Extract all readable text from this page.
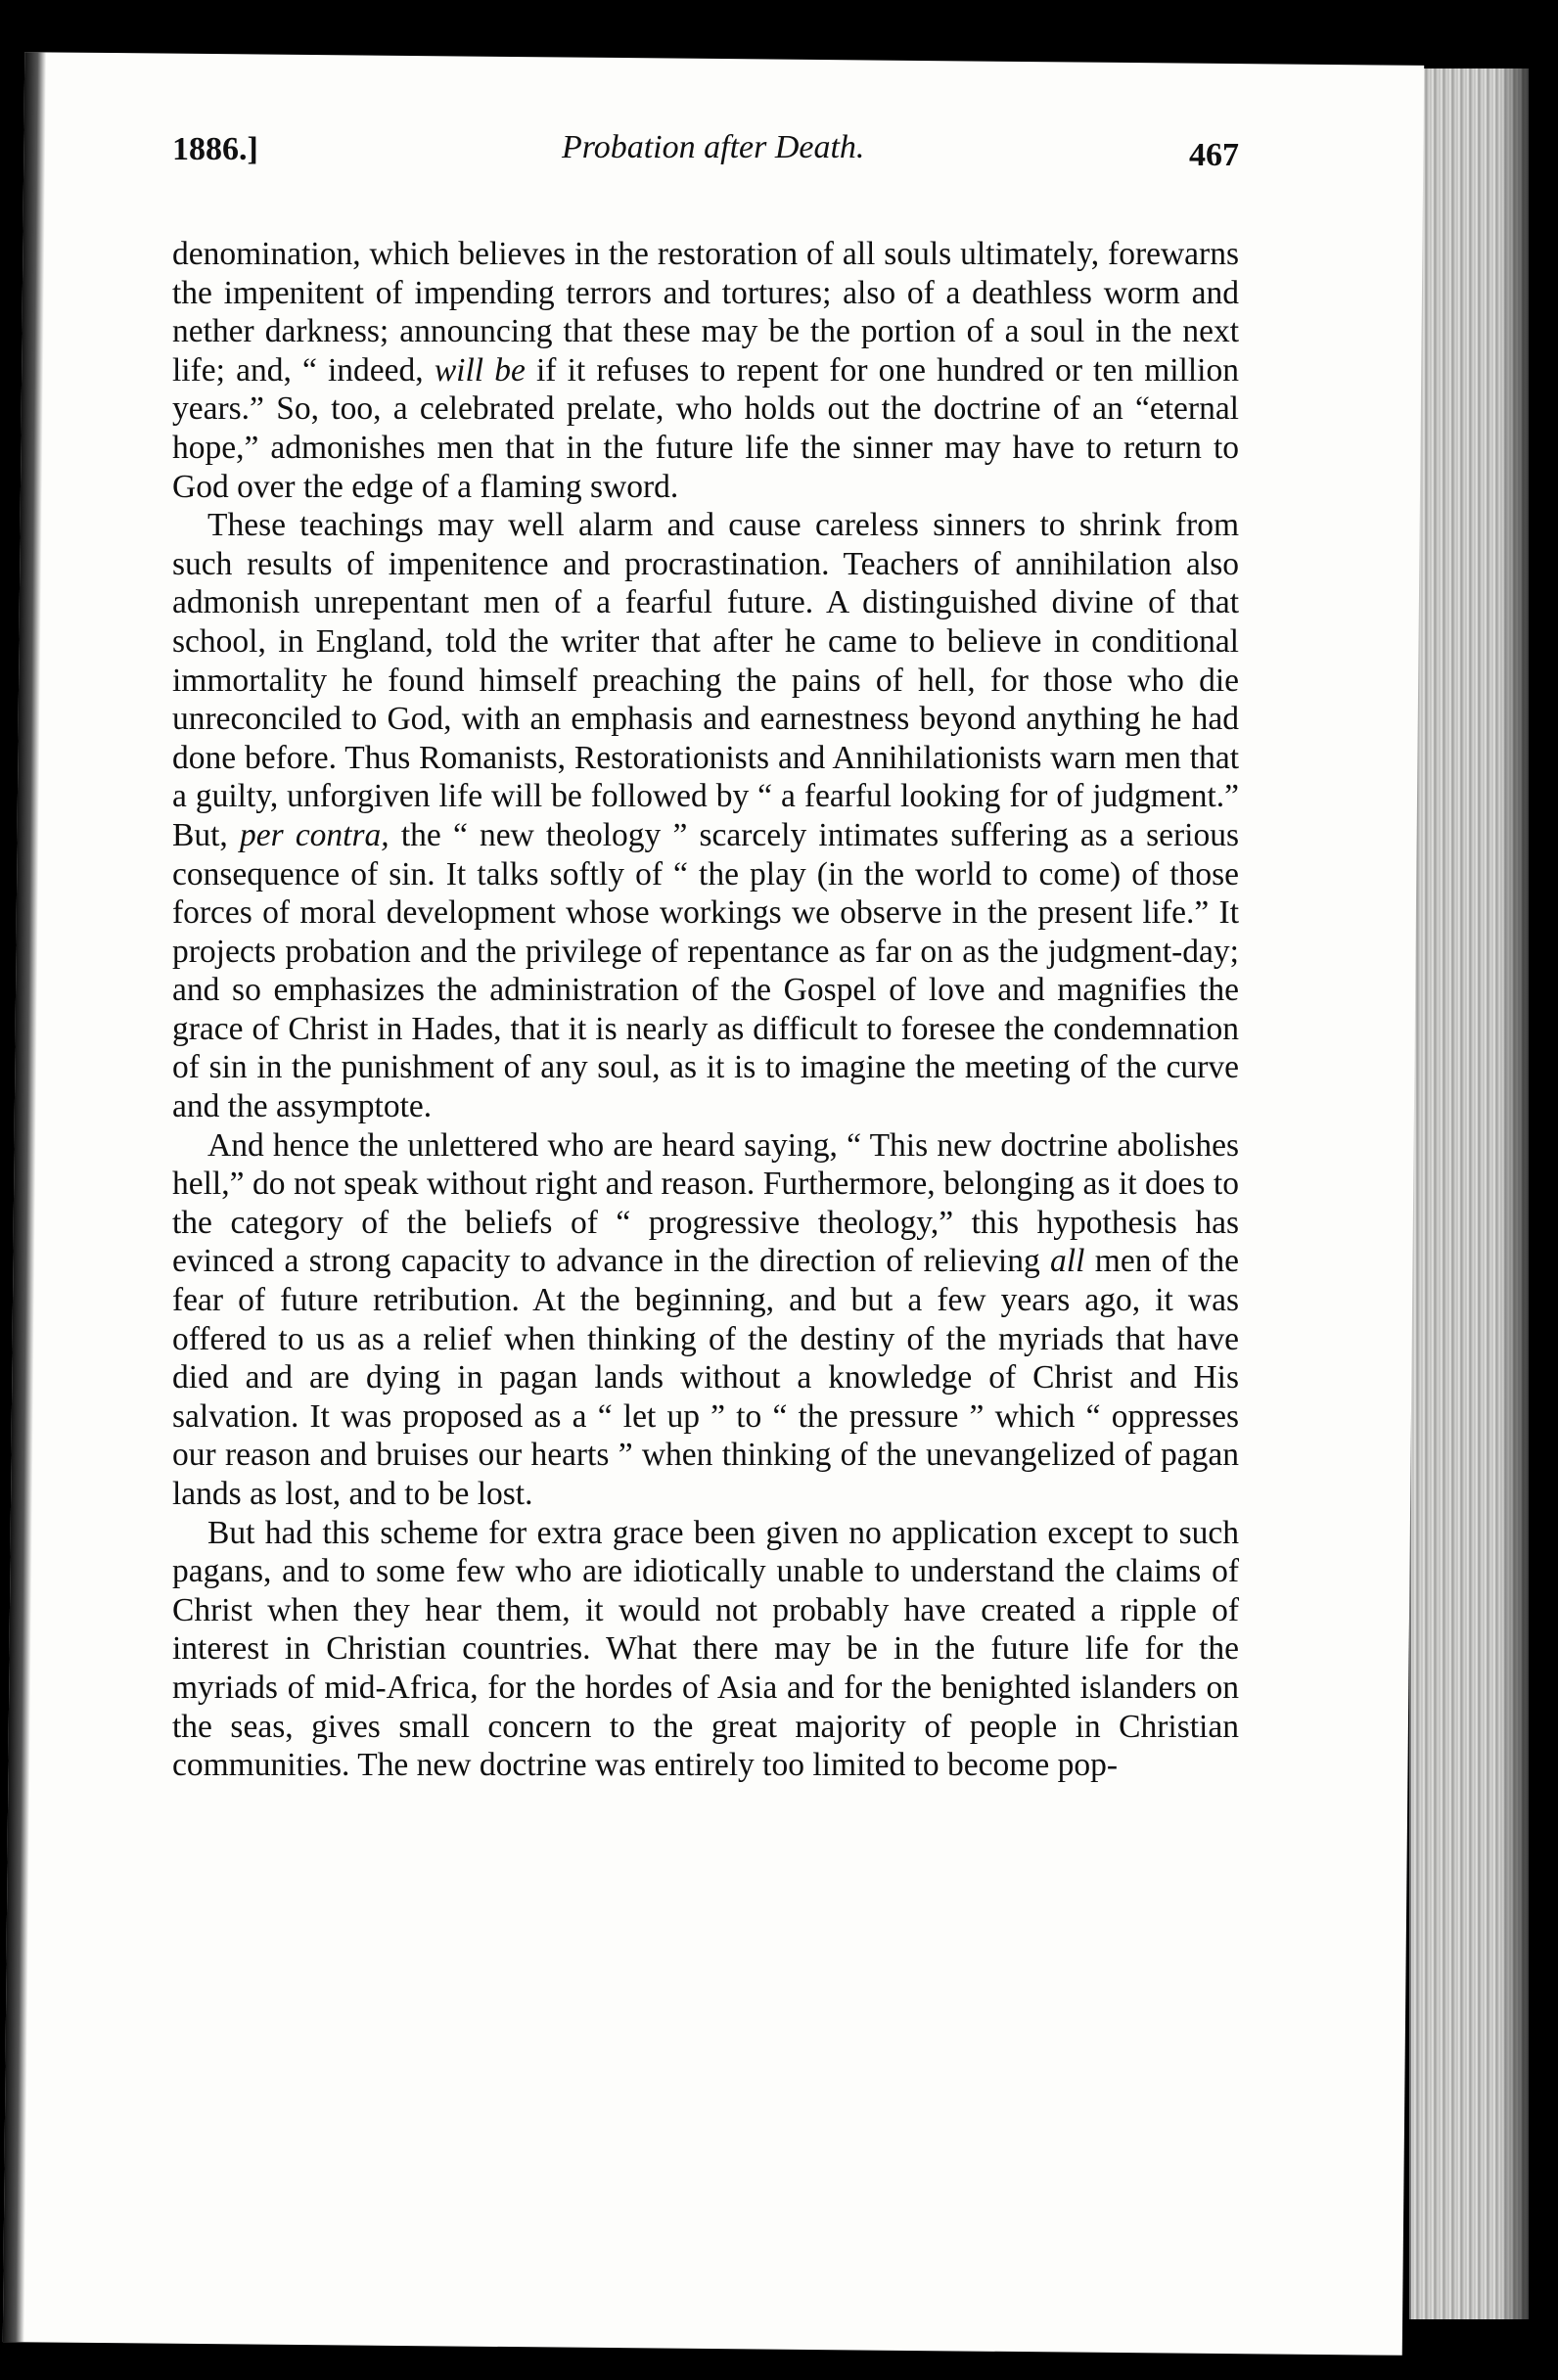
1886.]	Probation after Death.	467

denomination, which believes in the restoration of all souls ultimately, forewarns the impenitent of impending terrors and tortures; also of a deathless worm and nether darkness; announcing that these may be the portion of a soul in the next life; and, “ indeed, will be if it refuses to repent for one hundred or ten million years.” So, too, a celebrated prelate, who holds out the doctrine of an “eternal hope,” admonishes men that in the future life the sinner may have to return to God over the edge of a flaming sword.

These teachings may well alarm and cause careless sinners to shrink from such results of impenitence and procrastination. Teachers of annihilation also admonish unrepentant men of a fearful future. A distinguished divine of that school, in England, told the writer that after he came to believe in conditional immortality he found himself preaching the pains of hell, for those who die unreconciled to God, with an emphasis and earnestness beyond anything he had done before. Thus Romanists, Restorationists and Annihilationists warn men that a guilty, unforgiven life will be followed by “ a fearful looking for of judgment.” But, per contra, the “ new theology ” scarcely intimates suffering as a serious consequence of sin. It talks softly of “ the play (in the world to come) of those forces of moral development whose workings we observe in the present life.” It projects probation and the privilege of repentance as far on as the judgment-day; and so emphasizes the administration of the Gospel of love and magnifies the grace of Christ in Hades, that it is nearly as difficult to foresee the condemnation of sin in the punishment of any soul, as it is to imagine the meeting of the curve and the assymptote.

And hence the unlettered who are heard saying, “ This new doctrine abolishes hell,” do not speak without right and reason. Furthermore, belonging as it does to the category of the beliefs of “ progressive theology,” this hypothesis has evinced a strong capacity to advance in the direction of relieving all men of the fear of future retribution. At the beginning, and but a few years ago, it was offered to us as a relief when thinking of the destiny of the myriads that have died and are dying in pagan lands without a knowledge of Christ and His salvation. It was proposed as a “ let up ” to “ the pressure ” which “ oppresses our reason and bruises our hearts ” when thinking of the unevangelized of pagan lands as lost, and to be lost.

But had this scheme for extra grace been given no application except to such pagans, and to some few who are idiotically unable to understand the claims of Christ when they hear them, it would not probably have created a ripple of interest in Christian countries. What there may be in the future life for the myriads of mid-Africa, for the hordes of Asia and for the benighted islanders on the seas, gives small concern to the great majority of people in Christian communities. The new doctrine was entirely too limited to become pop-
